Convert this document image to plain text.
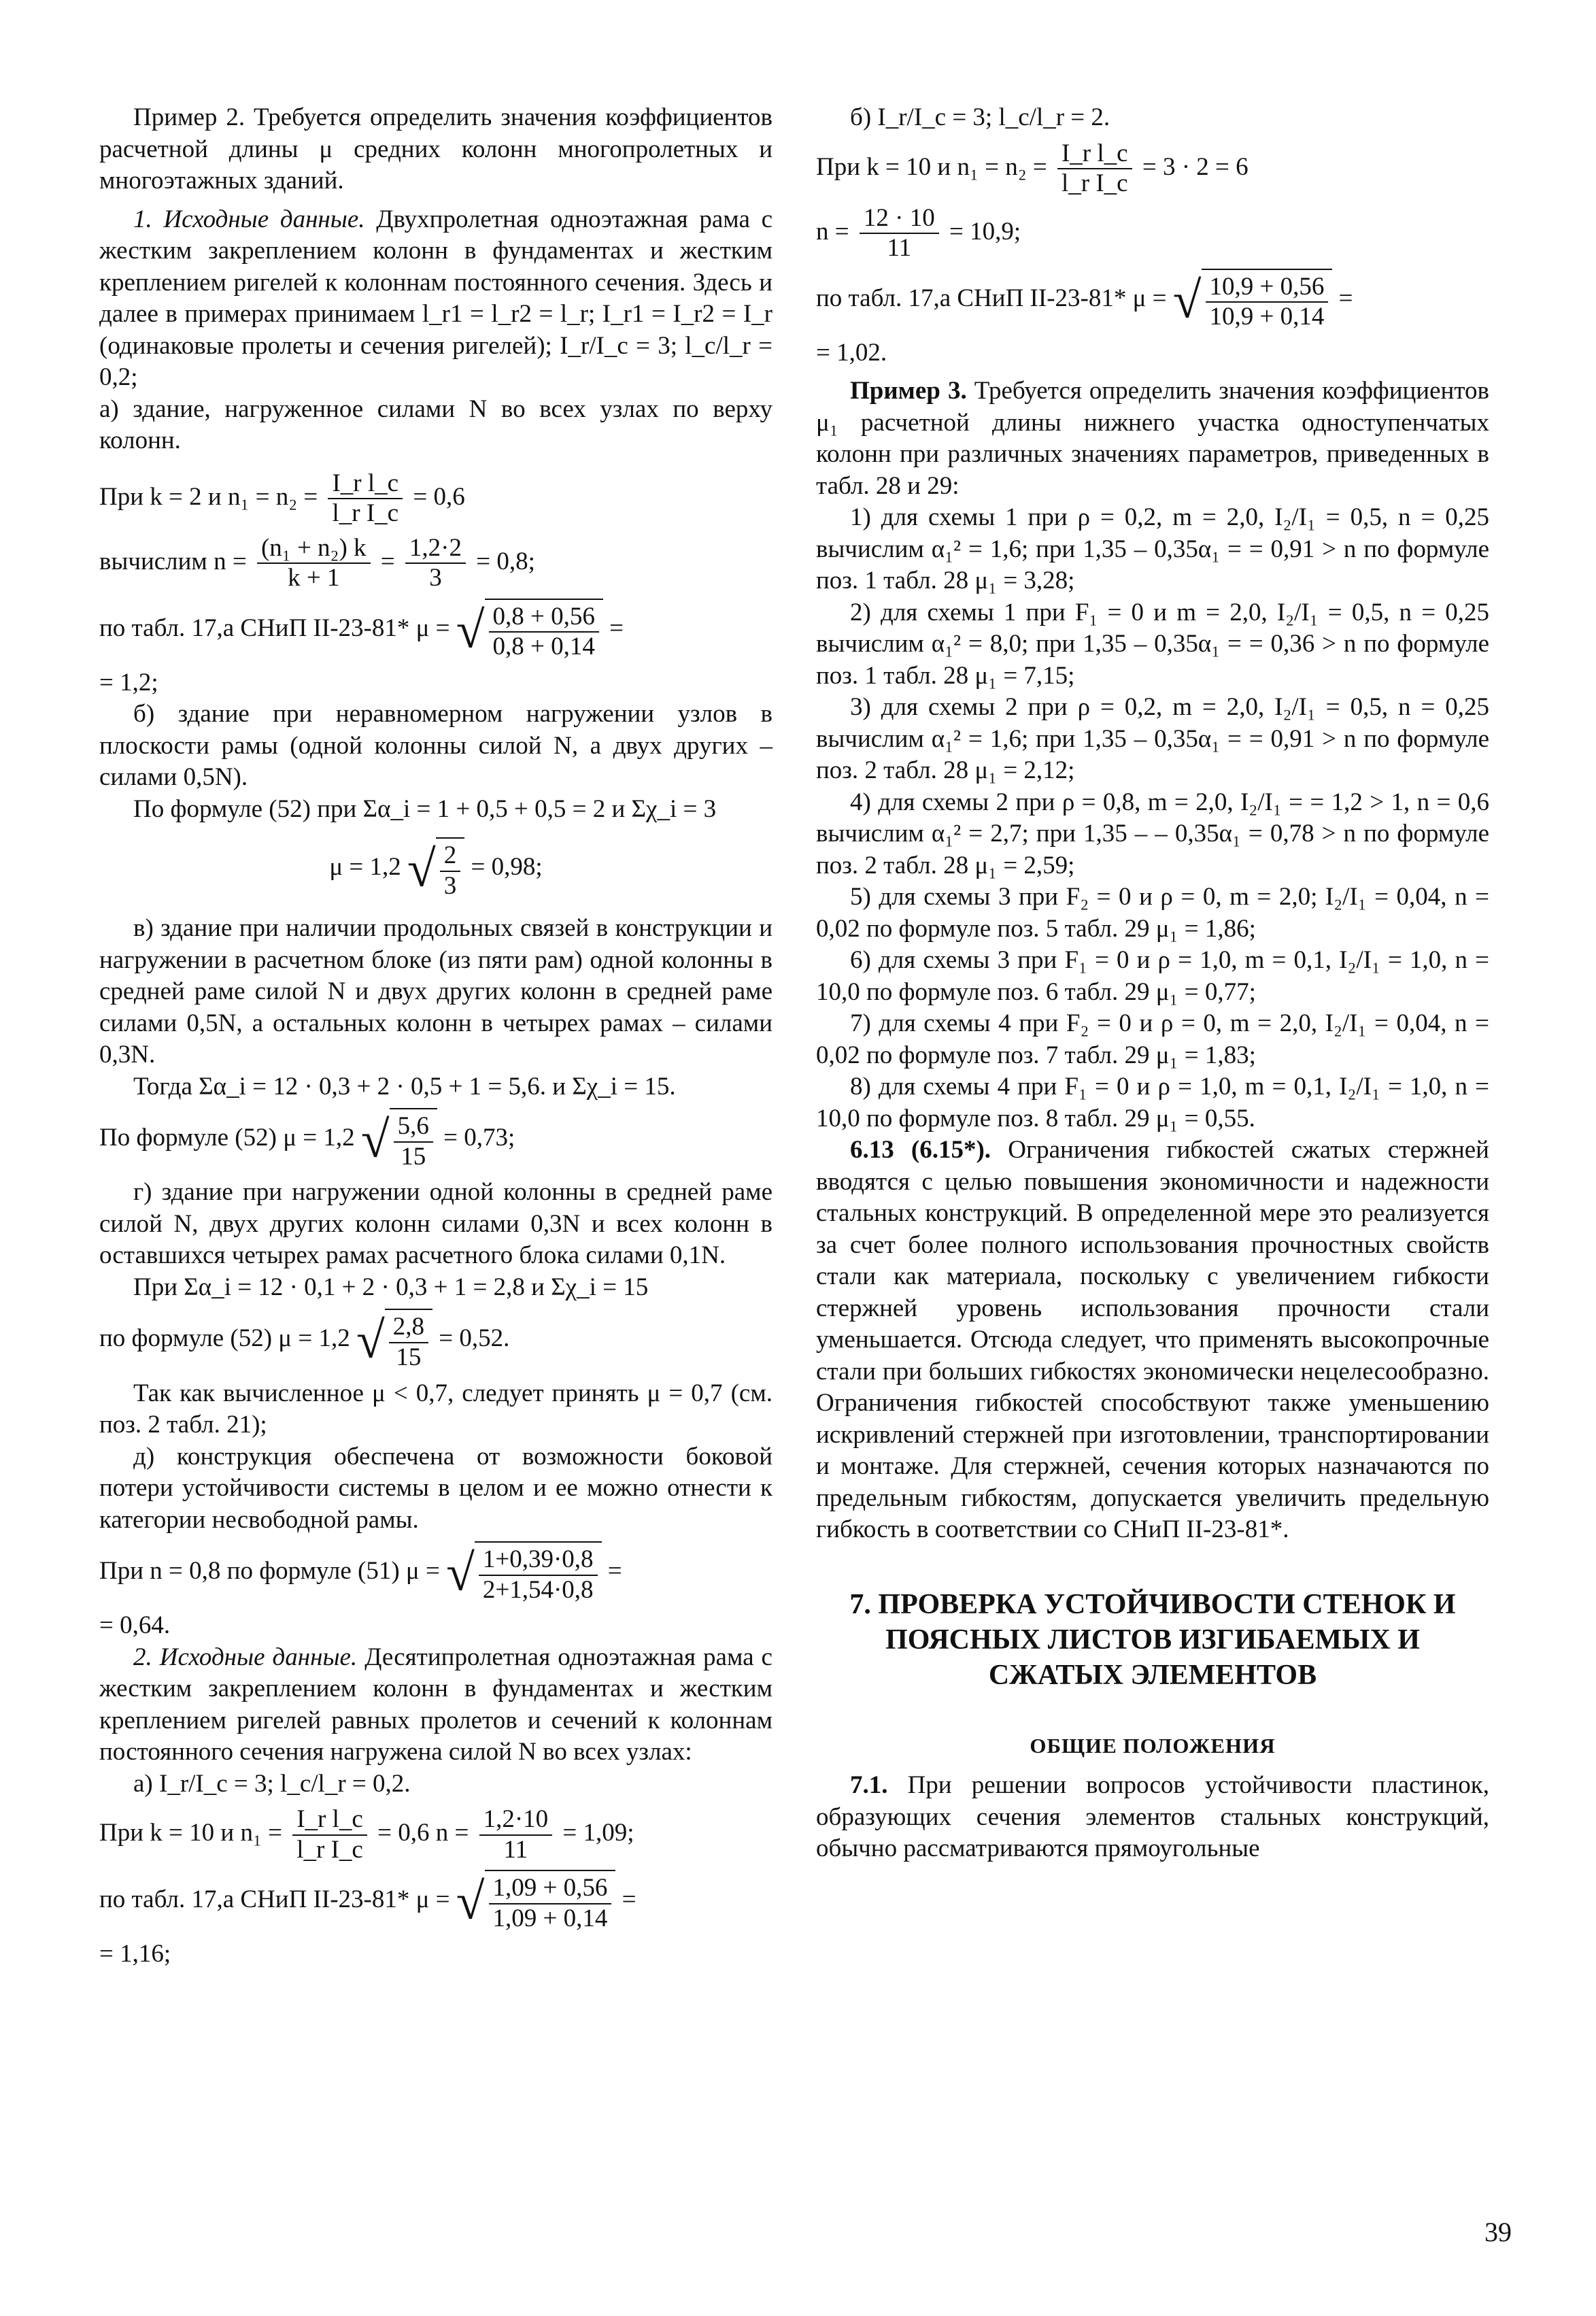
Пример 2. Требуется определить значения коэффициентов расчетной длины μ средних колонн многопролетных и многоэтажных зданий.

1. Исходные данные. Двухпролетная одноэтажная рама с жестким закреплением колонн в фундаментах и жестким креплением ригелей к колоннам постоянного сечения. Здесь и далее в примерах принимаем l_r1 = l_r2 = l_r; I_r1 = I_r2 = I_r (одинаковые пролеты и сечения ригелей); I_r/I_c = 3; l_c/l_r = 0,2;

а) здание, нагруженное силами N во всех узлах по верху колонн.

При k = 2 и $n_1 = n_2 = \frac{\text{I\_r l\_c}}{\text{l\_r I\_c}} = 0,6$
вычислим $n = \frac{\text{(n₁ + n₂) k}}{k + 1} = \frac{1,2\cdot 2}{3} = 0,8$;
по табл. 17,а СНиП II-23-81* μ = √ $\frac{0,8 + 0,56}{0,8 + 0,14}$ =

= 1,2;

б) здание при неравномерном нагружении узлов в плоскости рамы (одной колонны силой N, а двух других – силами 0,5N).

По формуле (52) при Σα_i = 1 + 0,5 + 0,5 = 2 и Σχ_i = 3

μ = 1,2 √ $\frac{2}{3} = 0,98$;

в) здание при наличии продольных связей в конструкции и нагружении в расчетном блоке (из пяти рам) одной колонны в средней раме силой N и двух других колонн в средней раме силами 0,5N, а остальных колонн в четырех рамах – силами 0,3N.

Тогда Σα_i = 12 · 0,3 + 2 · 0,5 + 1 = 5,6. и Σχ_i = 15.

По формуле (52) μ = 1,2 √ $\frac{5,6}{15} = 0,73$;

г) здание при нагружении одной колонны в средней раме силой N, двух других колонн силами 0,3N и всех колонн в оставшихся четырех рамах расчетного блока силами 0,1N.

При Σα_i = 12 · 0,1 + 2 · 0,3 + 1 = 2,8 и Σχ_i = 15

по формуле (52) μ = 1,2 √ $\frac{2,8}{15} = 0,52$.

Так как вычисленное μ < 0,7, следует принять μ = 0,7 (см. поз. 2 табл. 21);

д) конструкция обеспечена от возможности боковой потери устойчивости системы в целом и ее можно отнести к категории несвободной рамы.

При n = 0,8 по формуле (51) μ = √ $\frac{1+0,39\cdot 0,8}{2+1,54\cdot 0,8}$ =

= 0,64.

2. Исходные данные. Десятипролетная одноэтажная рама с жестким закреплением колонн в фундаментах и жестким креплением ригелей равных пролетов и сечений к колоннам постоянного сечения нагружена силой N во всех узлах:

а) I_r/I_c = 3; l_c/l_r = 0,2.

При k = 10 и $n_1 = \frac{\text{I\_r l\_c}}{\text{l\_r I\_c}} = 0,6$ $n = \frac{1,2\cdot 10}{11} = 1,09$;
по табл. 17,а СНиП II-23-81* μ = √ $\frac{1,09 + 0,56}{1,09 + 0,14}$ =

= 1,16;

б) I_r/I_c = 3; l_c/l_r = 2.

При k = 10 и $n_1 = n_2 = \frac{\text{I\_r l\_c}}{\text{l\_r I\_c}} = 3 \cdot 2 = 6$
$n = \frac{12 \cdot 10}{11} = 10,9$;
по табл. 17,а СНиП II-23-81* μ = √ $\frac{10,9 + 0,56}{10,9 + 0,14}$ =

= 1,02.

Пример 3. Требуется определить значения коэффициентов μ₁ расчетной длины нижнего участка одноступенчатых колонн при различных значениях параметров, приведенных в табл. 28 и 29:

1) для схемы 1 при ρ = 0,2, m = 2,0, I₂/I₁ = 0,5, n = 0,25 вычислим α₁² = 1,6; при 1,35 – 0,35α₁ = = 0,91 > n по формуле поз. 1 табл. 28 μ₁ = 3,28;

2) для схемы 1 при F₁ = 0 и m = 2,0, I₂/I₁ = 0,5, n = 0,25 вычислим α₁² = 8,0; при 1,35 – 0,35α₁ = = 0,36 > n по формуле поз. 1 табл. 28 μ₁ = 7,15;

3) для схемы 2 при ρ = 0,2, m = 2,0, I₂/I₁ = 0,5, n = 0,25 вычислим α₁² = 1,6; при 1,35 – 0,35α₁ = = 0,91 > n по формуле поз. 2 табл. 28 μ₁ = 2,12;

4) для схемы 2 при ρ = 0,8, m = 2,0, I₂/I₁ = = 1,2 > 1, n = 0,6 вычислим α₁² = 2,7; при 1,35 – – 0,35α₁ = 0,78 > n по формуле поз. 2 табл. 28 μ₁ = 2,59;

5) для схемы 3 при F₂ = 0 и ρ = 0, m = 2,0; I₂/I₁ = 0,04, n = 0,02 по формуле поз. 5 табл. 29 μ₁ = 1,86;

6) для схемы 3 при F₁ = 0 и ρ = 1,0, m = 0,1, I₂/I₁ = 1,0, n = 10,0 по формуле поз. 6 табл. 29 μ₁ = 0,77;

7) для схемы 4 при F₂ = 0 и ρ = 0, m = 2,0, I₂/I₁ = 0,04, n = 0,02 по формуле поз. 7 табл. 29 μ₁ = 1,83;

8) для схемы 4 при F₁ = 0 и ρ = 1,0, m = 0,1, I₂/I₁ = 1,0, n = 10,0 по формуле поз. 8 табл. 29 μ₁ = 0,55.

6.13 (6.15*). Ограничения гибкостей сжатых стержней вводятся с целью повышения экономичности и надежности стальных конструкций. В определенной мере это реализуется за счет более полного использования прочностных свойств стали как материала, поскольку с увеличением гибкости стержней уровень использования прочности стали уменьшается. Отсюда следует, что применять высокопрочные стали при больших гибкостях экономически нецелесообразно. Ограничения гибкостей способствуют также уменьшению искривлений стержней при изготовлении, транспортировании и монтаже. Для стержней, сечения которых назначаются по предельным гибкостям, допускается увеличить предельную гибкость в соответствии со СНиП II-23-81*.

7. ПРОВЕРКА УСТОЙЧИВОСТИ СТЕНОК И ПОЯСНЫХ ЛИСТОВ ИЗГИБАЕМЫХ И СЖАТЫХ ЭЛЕМЕНТОВ
ОБЩИЕ ПОЛОЖЕНИЯ

7.1. При решении вопросов устойчивости пластинок, образующих сечения элементов стальных конструкций, обычно рассматриваются прямоугольные

39
